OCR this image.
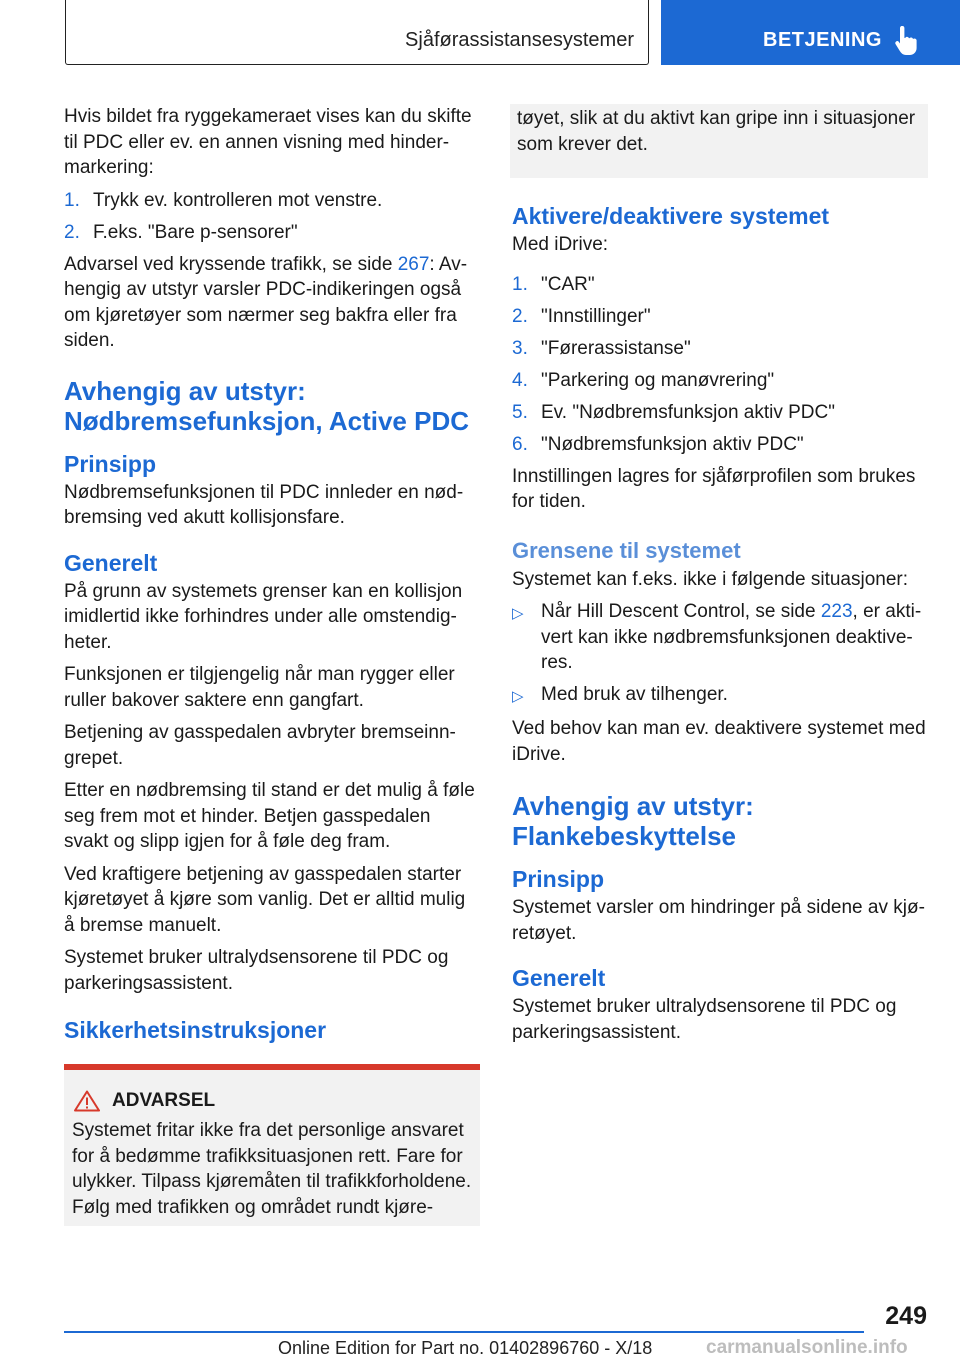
Sjåførassistansesystemer	BETJENING

Hvis bildet fra ryggekameraet vises kan du skifte til PDC eller ev. en annen visning med hindermarkering:

1. Trykk ev. kontrolleren mot venstre.
2. F.eks. "Bare p-sensorer"

Advarsel ved kryssende trafikk, se side 267: Avhengig av utstyr varsler PDC-indikeringen også om kjøretøyer som nærmer seg bakfra eller fra siden.

Avhengig av utstyr: Nødbremsefunksjon, Active PDC
Prinsipp

Nødbremsefunksjonen til PDC innleder en nødbremsing ved akutt kollisjonsfare.

Generelt

På grunn av systemets grenser kan en kollisjon imidlertid ikke forhindres under alle omstendigheter.

Funksjonen er tilgjengelig når man rygger eller ruller bakover saktere enn gangfart.

Betjening av gasspedalen avbryter bremseinngrepet.

Etter en nødbremsing til stand er det mulig å føle seg frem mot et hinder. Betjen gasspedalen svakt og slipp igjen for å føle deg fram.

Ved kraftigere betjening av gasspedalen starter kjøretøyet å kjøre som vanlig. Det er alltid mulig å bremse manuelt.

Systemet bruker ultralydsensorene til PDC og parkeringsassistent.

Sikkerhetsinstruksjoner
ADVARSEL

Systemet fritar ikke fra det personlige ansvaret for å bedømme trafikksituasjonen rett. Fare for ulykker. Tilpass kjøremåten til trafikkforholdene. Følg med trafikken og området rundt kjøre-

tøyet, slik at du aktivt kan gripe inn i situasjoner som krever det.

Aktivere/deaktivere systemet

Med iDrive:

1. "CAR"
2. "Innstillinger"
3. "Førerassistanse"
4. "Parkering og manøvrering"
5. Ev. "Nødbremsfunksjon aktiv PDC"
6. "Nødbremsfunksjon aktiv PDC"

Innstillingen lagres for sjåførprofilen som brukes for tiden.

Grensene til systemet

Systemet kan f.eks. ikke i følgende situasjoner:

▷ Når Hill Descent Control, se side 223, er aktivert kan ikke nødbremsfunksjonen deaktiveres.
▷ Med bruk av tilhenger.

Ved behov kan man ev. deaktivere systemet med iDrive.

Avhengig av utstyr: Flankebeskyttelse
Prinsipp

Systemet varsler om hindringer på sidene av kjøretøyet.

Generelt

Systemet bruker ultralydsensorene til PDC og parkeringsassistent.

249
Online Edition for Part no. 01402896760 - X/18	carmanualsonline.info
